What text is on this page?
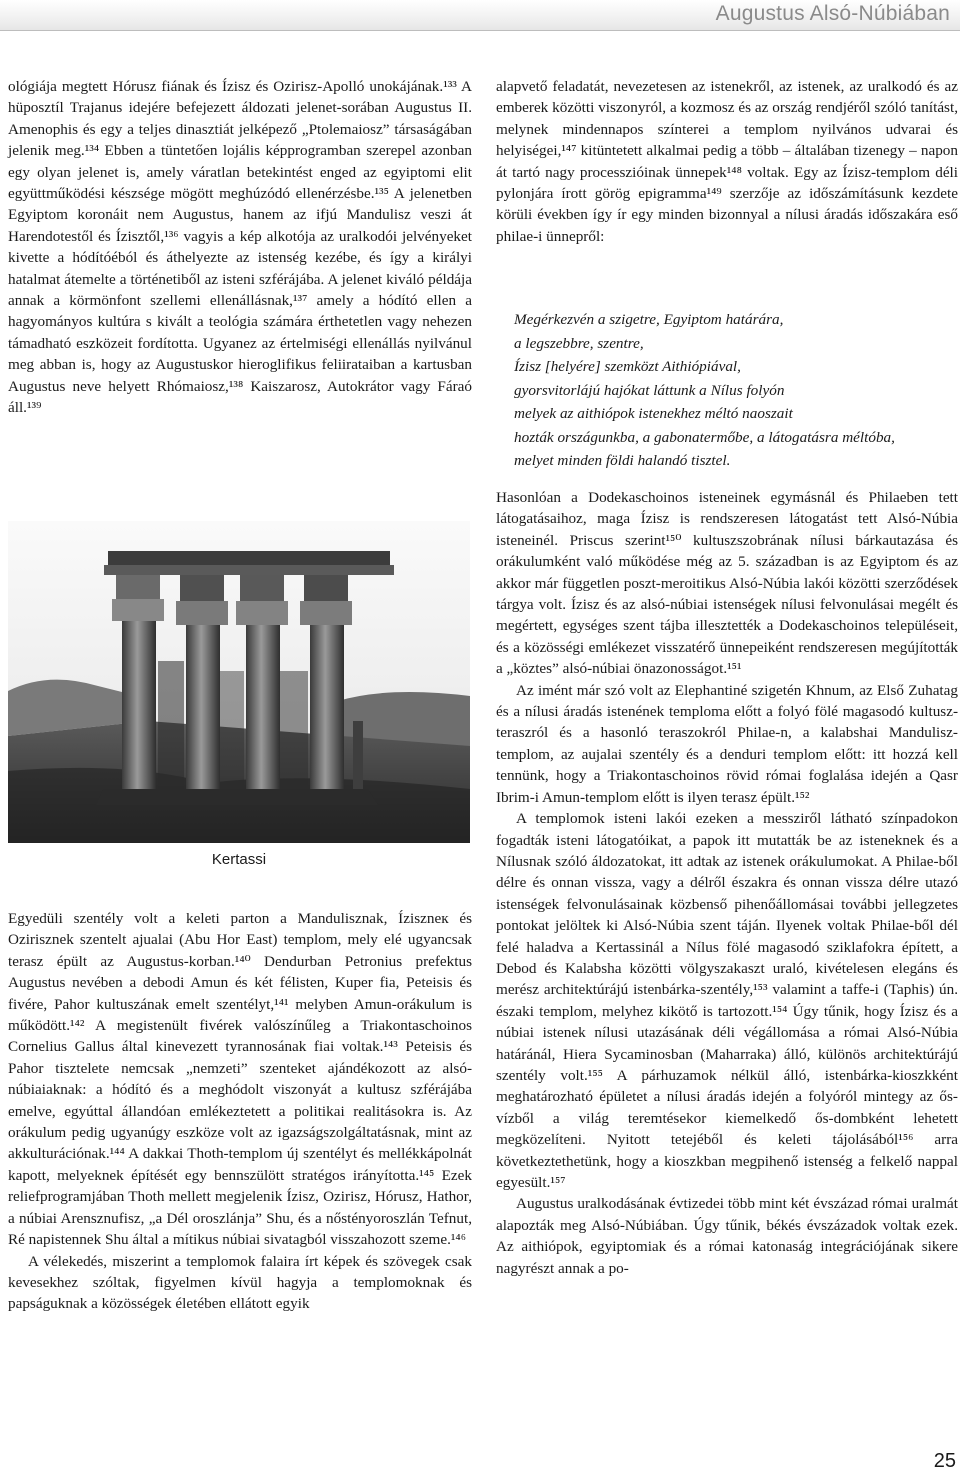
Augustus Alsó-Núbiában

ológiája megtett Hórusz fiának és Ízisz és Ozirisz-Apolló unokájának.¹³³ A hüposztíl Trajanus idejére befejezett áldozati jelenet-sorában Augustus II. Amenophis és egy a teljes dinasztiát jelképező „Ptolemaiosz” társaságában jelenik meg.¹³⁴ Ebben a tüntetően lojális képprogramban szerepel azonban egy olyan jelenet is, amely váratlan betekintést enged az egyiptomi elit együttműködési készsége mögött meghúzódó ellenérzésbe.¹³⁵ A jelenetben Egyiptom koronáit nem Augustus, hanem az ifjú Mandulisz veszi át Harendotestől és Ízisztől,¹³⁶ vagyis a kép alkotója az uralkodói jelvényeket kivette a hódítóéból és áthelyezte az istenség kezébe, és így a királyi hatalmat átemelte a történetiből az isteni szférájába. A jelenet kiváló példája annak a körmönfont szellemi ellenállásnak,¹³⁷ amely a hódító ellen a hagyományos kultúra s kivált a teológia számára érthetetlen vagy nehezen támadható eszközeit fordította. Ugyanez az értelmiségi ellenállás nyilvánul meg abban is, hogy az Augustuskor hieroglifikus feliirataiban a kartusban Augustus neve helyett Rhómaiosz,¹³⁸ Kaiszarosz, Autokrátor vagy Fáraó áll.¹³⁹

Kertassi

Egyedüli szentély volt a keleti parton a Mandulisznak, Íziszneк és Ozirisznek szentelt ajualai (Abu Hor East) templom, mely elé ugyancsak terasz épült az Augustus-korban.¹⁴⁰ Dendurban Petronius prefektus Augustus nevében a debodi Amun és két félisten, Kuper fia, Peteisis és fivére, Pahor kultuszának emelt szentélyt,¹⁴¹ melyben Amun-orákulum is működött.¹⁴² A megistenült fivérek valószínűleg a Triakontaschoinos Cornelius Gallus által kinevezett tyrannosának fiai voltak.¹⁴³ Peteisis és Pahor tisztelete nemcsak „nemzeti” szenteket ajándékozott az alsó-núbiaiaknak: a hódító és a meghódolt viszonyát a kultusz szférájába emelve, egyúttal állandóan emlékeztetett a politikai realitásokra is. Az orákulum pedig ugyanúgy eszköze volt az igazságszolgáltatásnak, mint az akkulturációnak.¹⁴⁴ A dakkai Thoth-templom új szentélyt és mellékkápolnát kapott, melyeknek építését egy bennszülött stratégos irányította.¹⁴⁵ Ezek reliefprogramjában Thoth mellett megjelenik Ízisz, Ozirisz, Hórusz, Hathor, a núbiai Arensznufisz, „a Dél oroszlánja” Shu, és a nőstényoroszlán Tefnut, Ré napistennek Shu által a mítikus núbiai sivatagból visszahozott szeme.¹⁴⁶

A vélekedés, miszerint a templomok falaira írt képek és szövegek csak kevesekhez szóltak, figyelmen kívül hagyja a templomoknak és papságuknak a közösségek életében ellátott egyik

alapvető feladatát, nevezetesen az istenekről, az istenek, az uralkodó és az emberek közötti viszonyról, a kozmosz és az ország rendjéről szóló tanítást, melynek mindennapos színterei a templom nyilvános udvarai és helyiségei,¹⁴⁷ kitüntetett alkalmai pedig a több – általában tizenegy – napon át tartó nagy processzióinak ünnepek¹⁴⁸ voltak. Egy az Ízisz-templom déli pylonjára írott görög epigramma¹⁴⁹ szerzője az időszámításunk kezdete körüli években így ír egy minden bizonnyal a nílusi áradás időszakára eső philae-i ünnepről:

Megérkezvén a szigetre, Egyiptom határára,
a legszebbre, szentre,
Ízisz [helyére] szemközt Aithiópiával,
gyorsvitorlájú hajókat láttunk a Nílus folyón
melyek az aithiópok istenekhez méltó naoszait
hozták országunkba, a gabonatermőbe, a látogatásra méltóba,
melyet minden földi halandó tisztel.

Hasonlóan a Dodekaschoinos isteneinek egymásnál és Philaeben tett látogatásaihoz, maga Ízisz is rendszeresen látogatást tett Alsó-Núbia isteneinél. Priscus szerint¹⁵⁰ kultuszszobrának nílusi bárkautazása és orákulumként való működése még az 5. században is az Egyiptom és az akkor már független poszt-meroitikus Alsó-Núbia lakói közötti szerződések tárgya volt. Ízisz és az alsó-núbiai istenségek nílusi felvonulásai megélt és megértett, egységes szent tájba illesztették a Dodekaschoinos településeit, és a közösségi emlékezet visszatérő ünnepeiként rendszeresen megújították a „köztes” alsó-núbiai önazonosságot.¹⁵¹

Az imént már szó volt az Elephantiné szigetén Khnum, az Első Zuhatag és a nílusi áradás istenének temploma előtt a folyó fölé magasodó kultusz-teraszról és a hasonló teraszokról Philae-n, a kalabshai Mandulisz-templom, az aujalai szentély és a denduri templom előtt: itt hozzá kell tennünk, hogy a Triakontaschoinos rövid római foglalása idején a Qasr Ibrim-i Amun-templom előtt is ilyen terasz épült.¹⁵²

A templomok isteni lakói ezeken a messziről látható színpadokon fogadták isteni látogatóikat, a papok itt mutatták be az isteneknek és a Nílusnak szóló áldozatokat, itt adtak az istenek orákulumokat. A Philae-ből délre és onnan vissza, vagy a délről északra és onnan vissza délre utazó istenségek felvonulásainak közbenső pihenőállomásai további jellegzetes pontokat jelöltek ki Alsó-Núbia szent táján. Ilyenek voltak Philae-ből dél felé haladva a Kertassinál a Nílus fölé magasodó sziklafokra épített, a Debod és Kalabsha közötti völgyszakaszt uraló, kivételesen elegáns és merész architektúrájú istenbárka-szentély,¹⁵³ valamint a taffe-i (Taphis) ún. északi templom, melyhez kikötő is tartozott.¹⁵⁴ Úgy tűnik, hogy Ízisz és a núbiai istenek nílusi utazásának déli végállomása a római Alsó-Núbia határánál, Hiera Sycaminosban (Maharraka) álló, különös architektúrájú szentély volt.¹⁵⁵ A párhuzamok nélkül álló, istenbárka-kioszkként meghatározható épületet a nílusi áradás idején a folyóról mintegy az ős-vízből a világ teremtésekor kiemelkedő ős-dombként lehetett megközelíteni. Nyitott tetejéből és keleti tájolásából¹⁵⁶ arra következtethetünk, hogy a kioszkban megpihenő istenség a felkelő nappal egyesült.¹⁵⁷

Augustus uralkodásának évtizedei több mint két évszázad római uralmát alapozták meg Alsó-Núbiában. Úgy tűnik, békés évszázadok voltak ezek. Az aithiópok, egyiptomiak és a római katonaság integrációjának sikere nagyrészt annak a po-

25
